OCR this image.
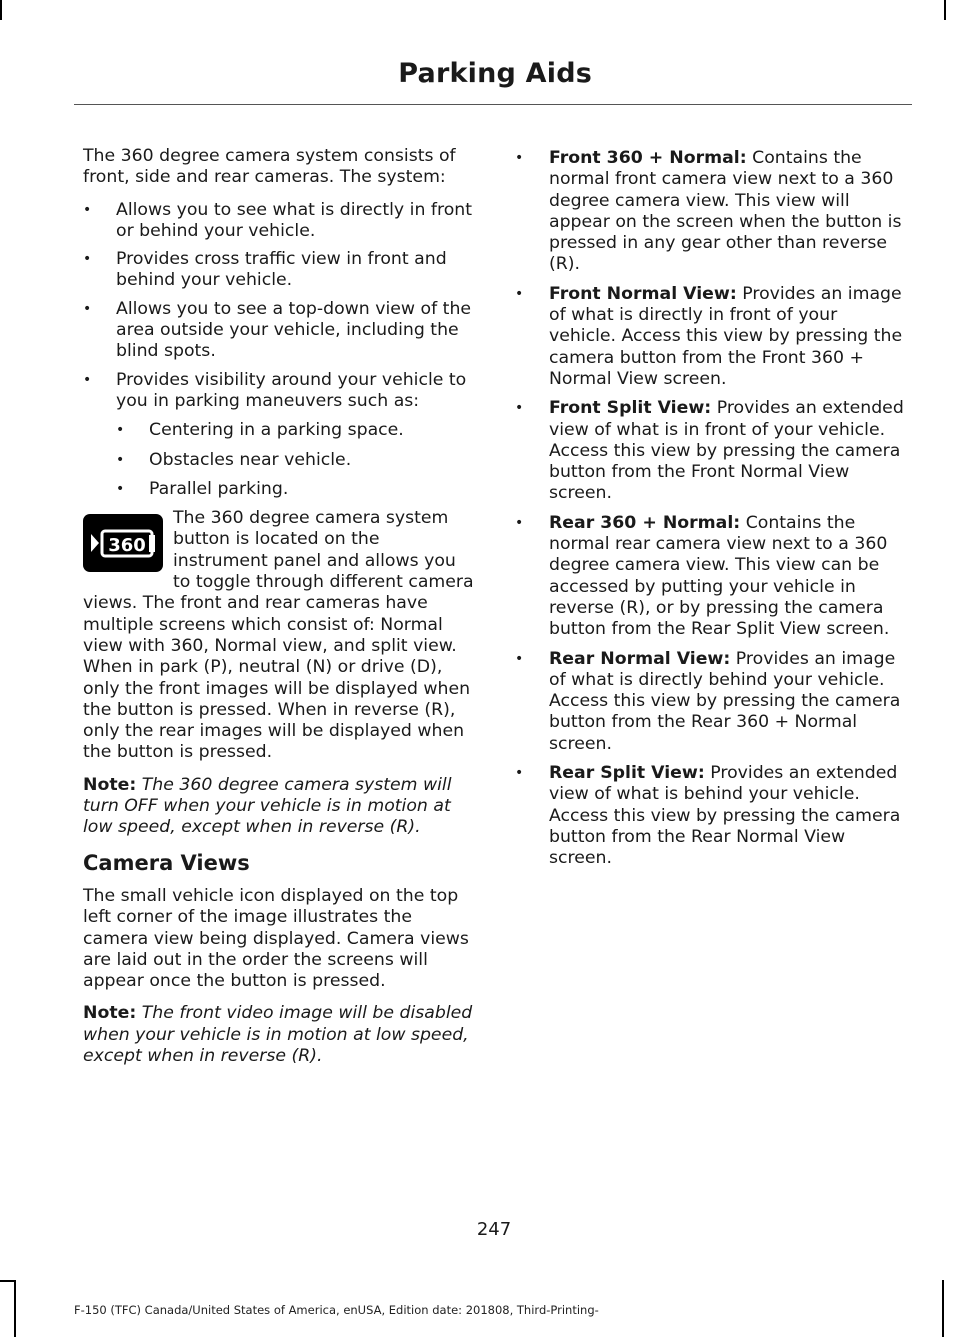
Parking Aids

The 360 degree camera system consists of front, side and rear cameras. The system:

• Allows you to see what is directly in front or behind your vehicle.
• Provides cross traffic view in front and behind your vehicle.
• Allows you to see a top-down view of the area outside your vehicle, including the blind spots.
• Provides visibility around your vehicle to you in parking maneuvers such as:
• Centering in a parking space.
• Obstacles near vehicle.
• Parallel parking.
360

The 360 degree camera system button is located on the instrument panel and allows you to toggle through different camera views. The front and rear cameras have multiple screens which consist of: Normal view with 360, Normal view, and split view. When in park (P), neutral (N) or drive (D), only the front images will be displayed when the button is pressed. When in reverse (R), only the rear images will be displayed when the button is pressed.

Note: The 360 degree camera system will turn OFF when your vehicle is in motion at low speed, except when in reverse (R).

Camera Views

The small vehicle icon displayed on the top left corner of the image illustrates the camera view being displayed. Camera views are laid out in the order the screens will appear once the button is pressed.

Note: The front video image will be disabled when your vehicle is in motion at low speed, except when in reverse (R).

• Front 360 + Normal: Contains the normal front camera view next to a 360 degree camera view. This view will appear on the screen when the button is pressed in any gear other than reverse (R).
• Front Normal View: Provides an image of what is directly in front of your vehicle. Access this view by pressing the camera button from the Front 360 + Normal View screen.
• Front Split View: Provides an extended view of what is in front of your vehicle. Access this view by pressing the camera button from the Front Normal View screen.
• Rear 360 + Normal: Contains the normal rear camera view next to a 360 degree camera view. This view can be accessed by putting your vehicle in reverse (R), or by pressing the camera button from the Rear Split View screen.
• Rear Normal View: Provides an image of what is directly behind your vehicle. Access this view by pressing the camera button from the Rear 360 + Normal screen.
• Rear Split View: Provides an extended view of what is behind your vehicle. Access this view by pressing the camera button from the Rear Normal View screen.
247
F-150 (TFC) Canada/United States of America, enUSA, Edition date: 201808, Third-Printing-
